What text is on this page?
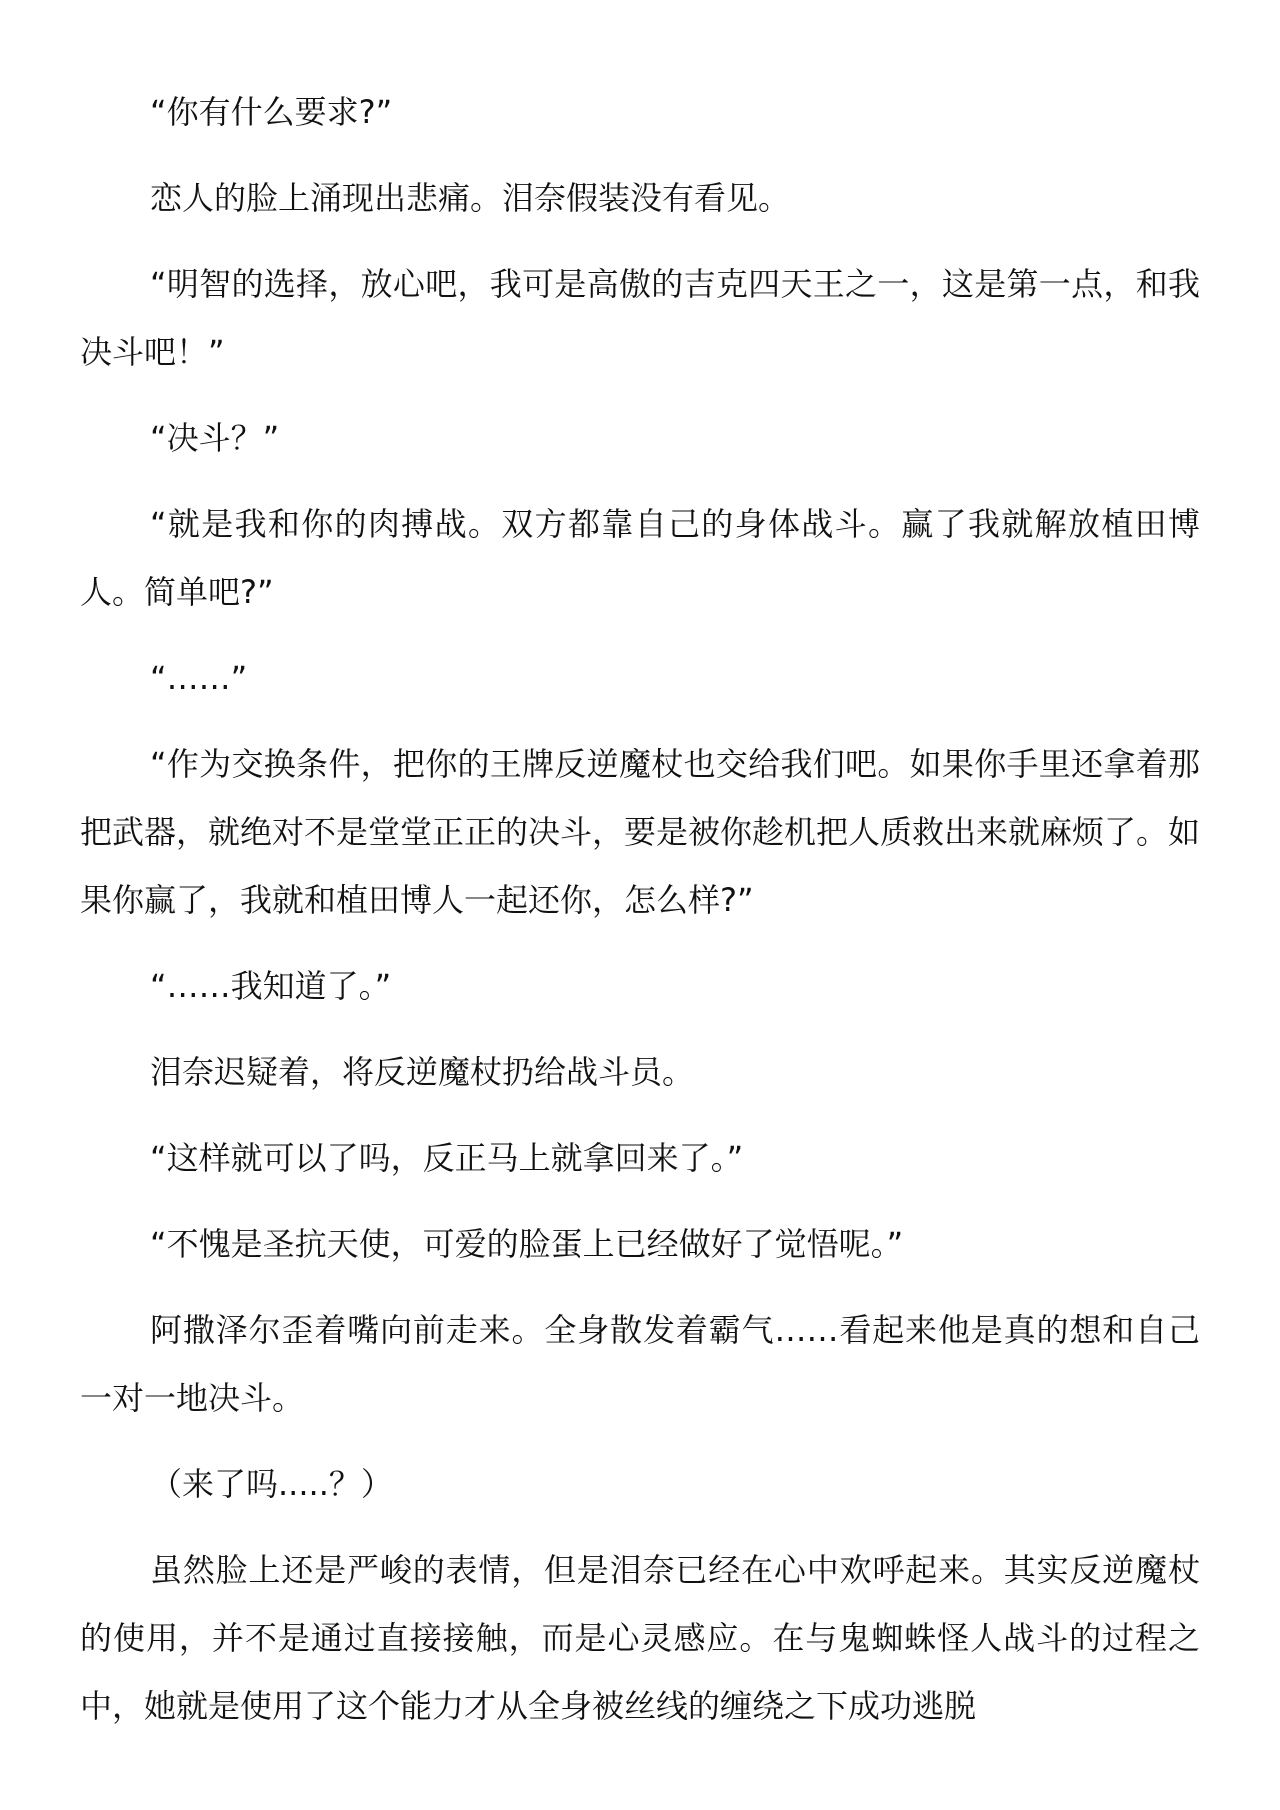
“你有什么要求?”

恋人的脸上涌现出悲痛。泪奈假装没有看见。

“明智的选择，放心吧，我可是高傲的吉克四天王之一，这是第一点，和我决斗吧！”

“决斗？”

“就是我和你的肉搏战。双方都靠自己的身体战斗。赢了我就解放植田博人。简单吧?”

“……”

“作为交换条件，把你的王牌反逆魔杖也交给我们吧。如果你手里还拿着那把武器，就绝对不是堂堂正正的决斗，要是被你趁机把人质救出来就麻烦了。如果你赢了，我就和植田博人一起还你，怎么样?”

“……我知道了。”

泪奈迟疑着，将反逆魔杖扔给战斗员。

“这样就可以了吗，反正马上就拿回来了。”

“不愧是圣抗天使，可爱的脸蛋上已经做好了觉悟呢。”

阿撒泽尔歪着嘴向前走来。全身散发着霸气……看起来他是真的想和自己一对一地决斗。

（来了吗.....？）

虽然脸上还是严峻的表情，但是泪奈已经在心中欢呼起来。其实反逆魔杖的使用，并不是通过直接接触，而是心灵感应。在与鬼蜘蛛怪人战斗的过程之中，她就是使用了这个能力才从全身被丝线的缠绕之下成功逃脱
